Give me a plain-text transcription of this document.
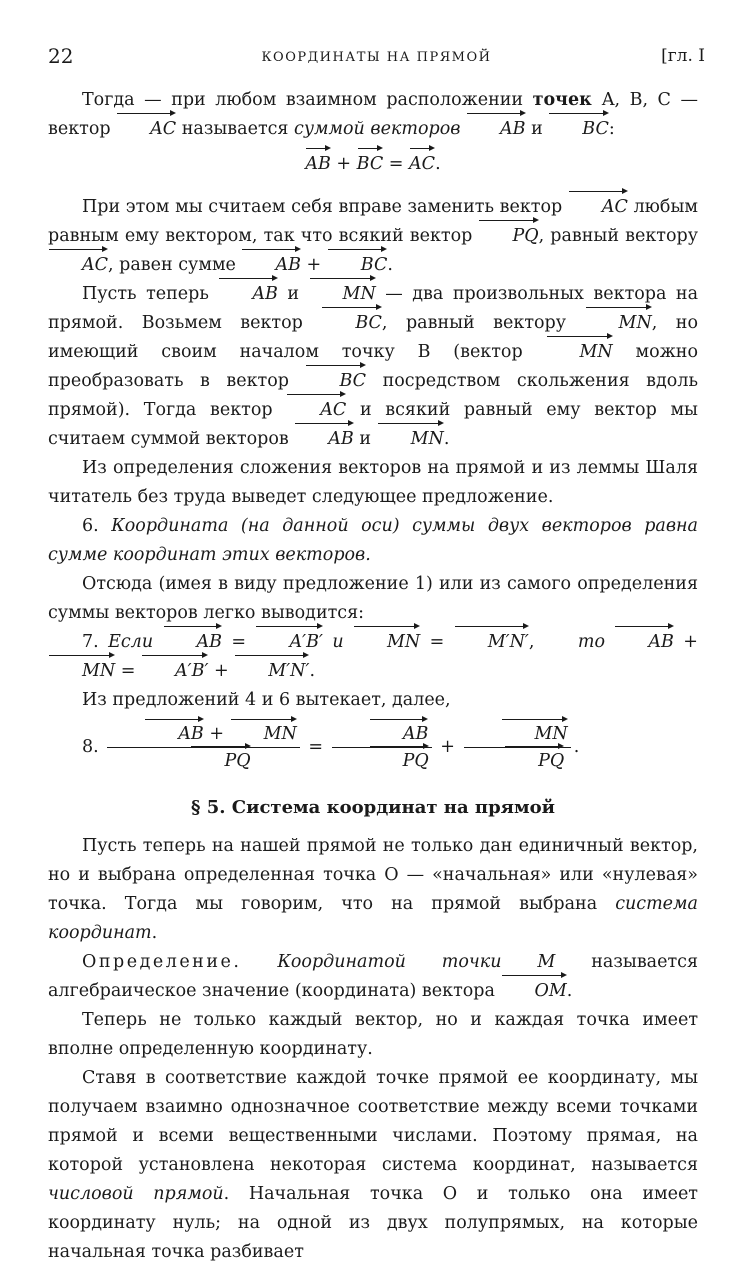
22	КООРДИНАТЫ НА ПРЯМОЙ	[гл. I

Тогда — при любом взаимном расположении точек A, B, C — вектор AC называется суммой векторов AB и BC:

AB + BC = AC.

При этом мы считаем себя вправе заменить вектор AC любым равным ему вектором, так что всякий вектор PQ, равный вектору AC, равен сумме AB + BC.

Пусть теперь AB и MN — два произвольных вектора на прямой. Возьмем вектор BC, равный вектору MN, но имеющий своим началом точку B (вектор MN можно преобразовать в вектор BC посредством скольжения вдоль прямой). Тогда вектор AC и всякий равный ему вектор мы считаем суммой векторов AB и MN.

Из определения сложения векторов на прямой и из леммы Шаля читатель без труда выведет следующее предложение.

6. Координата (на данной оси) суммы двух векторов равна сумме координат этих векторов.

Отсюда (имея в виду предложение 1) или из самого определения суммы векторов легко выводится:

7. Если AB = A′B′ и MN = M′N′, то AB + MN = A′B′ + M′N′.

Из предложений 4 и 6 вытекает, далее,

8. $\frac{AB + MN}{PQ} = \frac{AB}{PQ} + \frac{MN}{PQ}$ .

§ 5. Система координат на прямой

Пусть теперь на нашей прямой не только дан единичный вектор, но и выбрана определенная точка O — «начальная» или «нулевая» точка. Тогда мы говорим, что на прямой выбрана система координат.

Определение. Координатой точки M называется алгебраическое значение (координата) вектора OM.

Теперь не только каждый вектор, но и каждая точка имеет вполне определенную координату.

Ставя в соответствие каждой точке прямой ее координату, мы получаем взаимно однозначное соответствие между всеми точками прямой и всеми вещественными числами. Поэтому прямая, на которой установлена некоторая система координат, называется числовой прямой. Начальная точка O и только она имеет координату нуль; на одной из двух полупрямых, на которые начальная точка разбивает
